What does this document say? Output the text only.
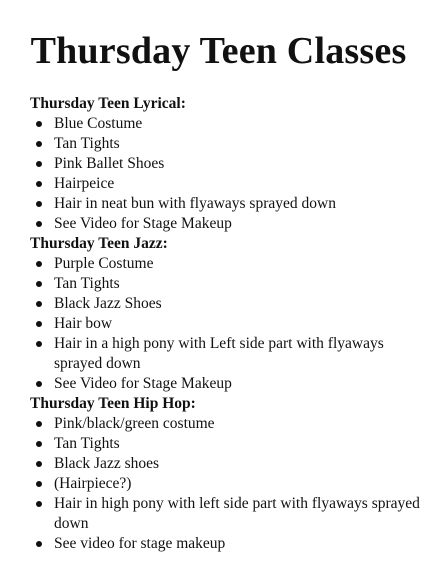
Thursday Teen Classes
Thursday Teen Lyrical:
Blue Costume
Tan Tights
Pink Ballet Shoes
Hairpeice
Hair in neat bun with flyaways sprayed down
See Video for Stage Makeup
Thursday Teen Jazz:
Purple Costume
Tan Tights
Black Jazz Shoes
Hair bow
Hair in a high pony with Left side part with flyaways sprayed down
See Video for Stage Makeup
Thursday Teen Hip Hop:
Pink/black/green costume
Tan Tights
Black Jazz shoes
(Hairpiece?)
Hair in high pony with left side part with flyaways sprayed down
See video for stage makeup
